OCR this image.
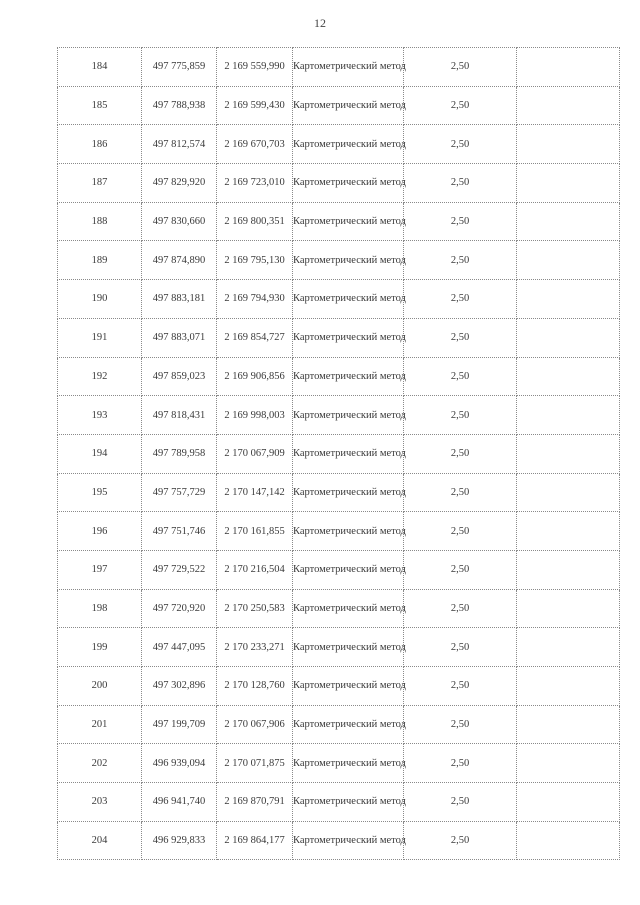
12
184	497 775,859	2 169 559,990	Картометрический метод	2,50	
185	497 788,938	2 169 599,430	Картометрический метод	2,50	
186	497 812,574	2 169 670,703	Картометрический метод	2,50	
187	497 829,920	2 169 723,010	Картометрический метод	2,50	
188	497 830,660	2 169 800,351	Картометрический метод	2,50	
189	497 874,890	2 169 795,130	Картометрический метод	2,50	
190	497 883,181	2 169 794,930	Картометрический метод	2,50	
191	497 883,071	2 169 854,727	Картометрический метод	2,50	
192	497 859,023	2 169 906,856	Картометрический метод	2,50	
193	497 818,431	2 169 998,003	Картометрический метод	2,50	
194	497 789,958	2 170 067,909	Картометрический метод	2,50	
195	497 757,729	2 170 147,142	Картометрический метод	2,50	
196	497 751,746	2 170 161,855	Картометрический метод	2,50	
197	497 729,522	2 170 216,504	Картометрический метод	2,50	
198	497 720,920	2 170 250,583	Картометрический метод	2,50	
199	497 447,095	2 170 233,271	Картометрический метод	2,50	
200	497 302,896	2 170 128,760	Картометрический метод	2,50	
201	497 199,709	2 170 067,906	Картометрический метод	2,50	
202	496 939,094	2 170 071,875	Картометрический метод	2,50	
203	496 941,740	2 169 870,791	Картометрический метод	2,50	
204	496 929,833	2 169 864,177	Картометрический метод	2,50	
